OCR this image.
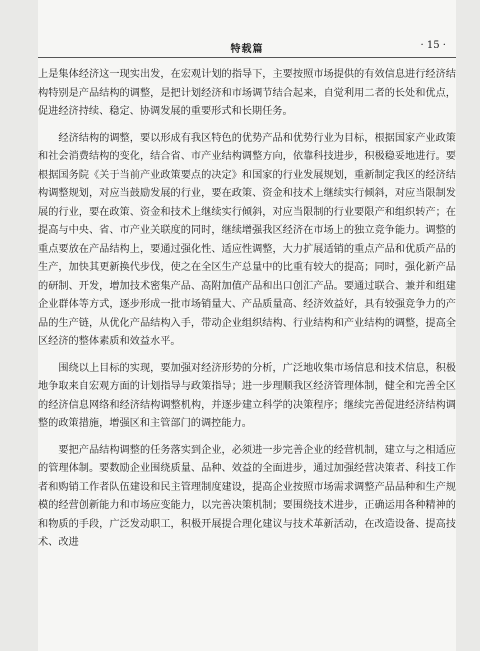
特载篇	· 15 ·

上是集体经济这一现实出发，在宏观计划的指导下，主要按照市场提供的有效信息进行经济结构特别是产品结构的调整，是把计划经济和市场调节结合起来，自觉利用二者的长处和优点，促进经济持续、稳定、协调发展的重要形式和长期任务。

经济结构的调整，要以形成有我区特色的优势产品和优势行业为目标，根据国家产业政策和社会消费结构的变化，结合省、市产业结构调整方向，依靠科技进步，积极稳妥地进行。要根据国务院《关于当前产业政策要点的决定》和国家的行业发展规划，重新制定我区的经济结构调整规划，对应当鼓励发展的行业，要在政策、资金和技术上继续实行倾斜，对应当限制发展的行业，要在政策、资金和技术上继续实行倾斜，对应当限制的行业要限产和组织转产；在提高与中央、省、市产业关联度的同时，继续增强我区经济在市场上的独立竞争能力。调整的重点要放在产品结构上，要通过强化性、适应性调整，大力扩展适销的重点产品和优质产品的生产，加快其更新换代步伐，使之在全区生产总量中的比重有较大的提高；同时，强化新产品的研制、开发，增加技术密集产品、高附加值产品和出口创汇产品。要通过联合、兼并和组建企业群体等方式，逐步形成一批市场销量大、产品质量高、经济效益好，具有较强竞争力的产品的生产链，从优化产品结构入手，带动企业组织结构、行业结构和产业结构的调整，提高全区经济的整体素质和效益水平。

围绕以上目标的实现，要加强对经济形势的分析，广泛地收集市场信息和技术信息，积极地争取来自宏观方面的计划指导与政策指导；进一步理顺我区经济管理体制，健全和完善全区的经济信息网络和经济结构调整机构，并逐步建立科学的决策程序；继续完善促进经济结构调整的政策措施，增强区和主管部门的调控能力。

要把产品结构调整的任务落实到企业，必须进一步完善企业的经营机制，建立与之相适应的管理体制。要数励企业围绕质量、品种、效益的全面进步，通过加强经营决策者、科技工作者和购销工作者队伍建设和民主管理制度建设，提高企业按照市场需求调整产品品种和生产规模的经营创新能力和市场应变能力，以完善决策机制；要围绕技术进步，正确运用各种精神的和物质的手段，广泛发动职工，积极开展提合理化建议与技术革新活动，在改造设备、提高技术、改进
